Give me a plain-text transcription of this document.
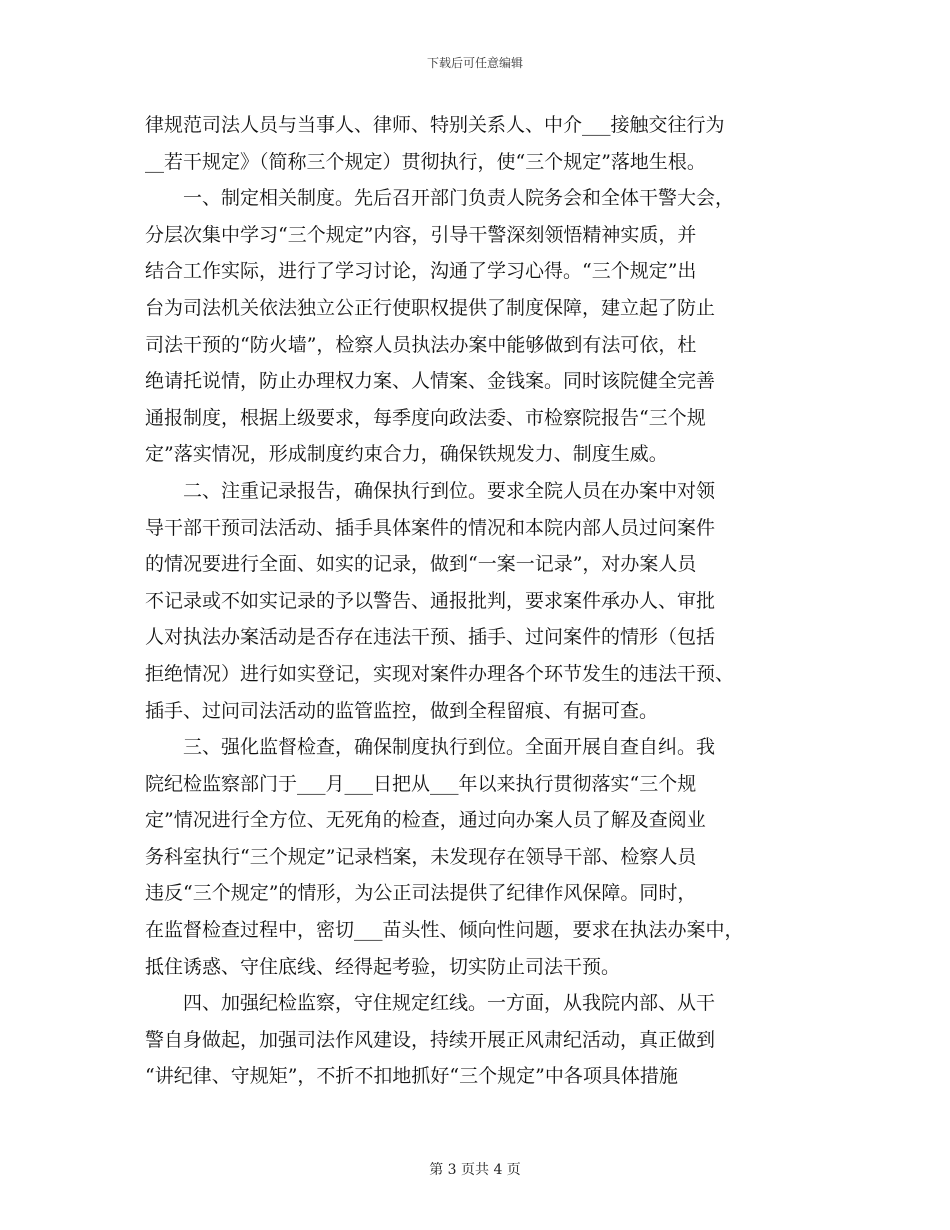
下载后可任意编辑
律规范司法人员与当事人、律师、特别关系人、中介___接触交往行为
__若干规定》（简称三个规定）贯彻执行，使“三个规定”落地生根。
　　一、制定相关制度。先后召开部门负责人院务会和全体干警大会，
分层次集中学习“三个规定”内容，引导干警深刻领悟精神实质，并
结合工作实际，进行了学习讨论，沟通了学习心得。“三个规定”出
台为司法机关依法独立公正行使职权提供了制度保障，建立起了防止
司法干预的“防火墙”，检察人员执法办案中能够做到有法可依，杜
绝请托说情，防止办理权力案、人情案、金钱案。同时该院健全完善
通报制度，根据上级要求，每季度向政法委、市检察院报告“三个规
定”落实情况，形成制度约束合力，确保铁规发力、制度生威。
　　二、注重记录报告，确保执行到位。要求全院人员在办案中对领
导干部干预司法活动、插手具体案件的情况和本院内部人员过问案件
的情况要进行全面、如实的记录，做到“一案一记录”，对办案人员
不记录或不如实记录的予以警告、通报批判，要求案件承办人、审批
人对执法办案活动是否存在违法干预、插手、过问案件的情形（包括
拒绝情况）进行如实登记，实现对案件办理各个环节发生的违法干预、
插手、过问司法活动的监管监控，做到全程留痕、有据可查。
　　三、强化监督检查，确保制度执行到位。全面开展自查自纠。我
院纪检监察部门于___月___日把从___年以来执行贯彻落实“三个规
定”情况进行全方位、无死角的检查，通过向办案人员了解及查阅业
务科室执行“三个规定”记录档案，未发现存在领导干部、检察人员
违反“三个规定”的情形，为公正司法提供了纪律作风保障。同时，
在监督检查过程中，密切___苗头性、倾向性问题，要求在执法办案中，
抵住诱惑、守住底线、经得起考验，切实防止司法干预。
　　四、加强纪检监察，守住规定红线。一方面，从我院内部、从干
警自身做起，加强司法作风建设，持续开展正风肃纪活动，真正做到
“讲纪律、守规矩”，不折不扣地抓好“三个规定”中各项具体措施
第 3 页共 4 页
